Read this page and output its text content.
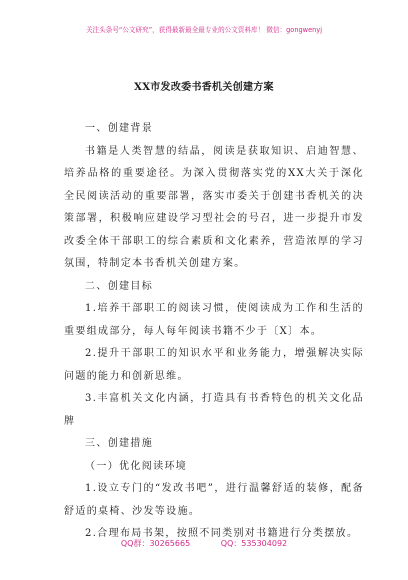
关注头条号“公文研究”，获得最新最全最专业的公文资料库！ 微信：gongwenyj
XX市发改委书香机关创建方案

一、创建背景

书籍是人类智慧的结晶，阅读是获取知识、启迪智慧、培养品格的重要途径。为深入贯彻落实党的XX大关于深化全民阅读活动的重要部署，落实市委关于创建书香机关的决策部署，积极响应建设学习型社会的号召，进一步提升市发改委全体干部职工的综合素质和文化素养，营造浓厚的学习氛围，特制定本书香机关创建方案。

二、创建目标

1.培养干部职工的阅读习惯，使阅读成为工作和生活的重要组成部分，每人每年阅读书籍不少于〔X〕本。

2.提升干部职工的知识水平和业务能力，增强解决实际问题的能力和创新思维。

3.丰富机关文化内涵，打造具有书香特色的机关文化品牌

三、创建措施

（一）优化阅读环境

1.设立专门的“发改书吧”，进行温馨舒适的装修，配备舒适的桌椅、沙发等设施。

2.合理布局书架，按照不同类别对书籍进行分类摆放。

QQ群：30265665	QQ：535304092
